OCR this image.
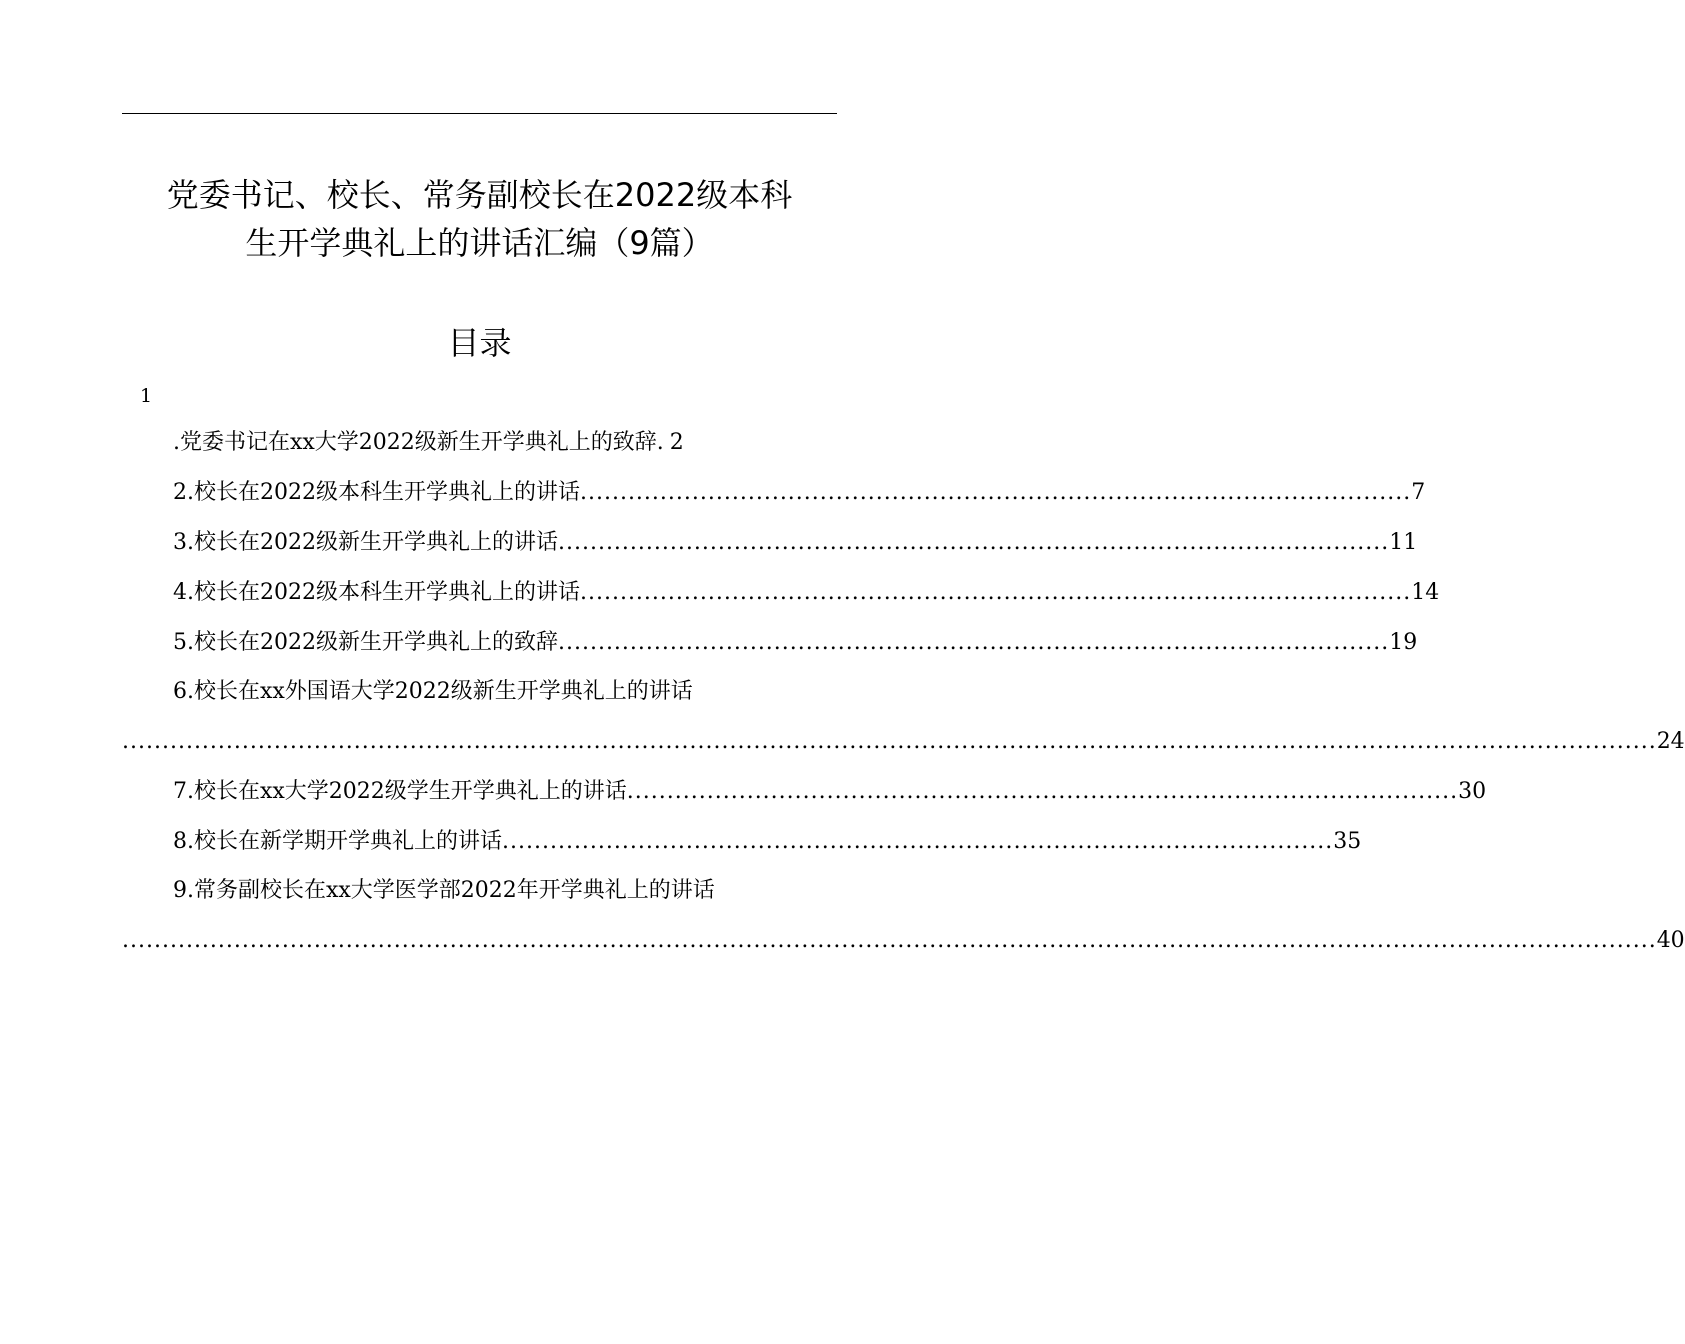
党委书记、校长、常务副校长在2022级本科
生开学典礼上的讲话汇编（9篇）
目录
1
.党委书记在xx大学2022级新生开学典礼上的致辞. 2
2.校长在2022级本科生开学典礼上的讲话 ........................................................................................................ 7
3.校长在2022级新生开学典礼上的讲话 ........................................................................................................ 11
4.校长在2022级本科生开学典礼上的讲话 ........................................................................................................ 14
5.校长在2022级新生开学典礼上的致辞 ........................................................................................................ 19
6.校长在xx外国语大学2022级新生开学典礼上的讲话
................................................................................................................................................................................................ 24
7.校长在xx大学2022级学生开学典礼上的讲话 ........................................................................................................ 30
8.校长在新学期开学典礼上的讲话 ........................................................................................................ 35
9.常务副校长在xx大学医学部2022年开学典礼上的讲话
................................................................................................................................................................................................ 40
